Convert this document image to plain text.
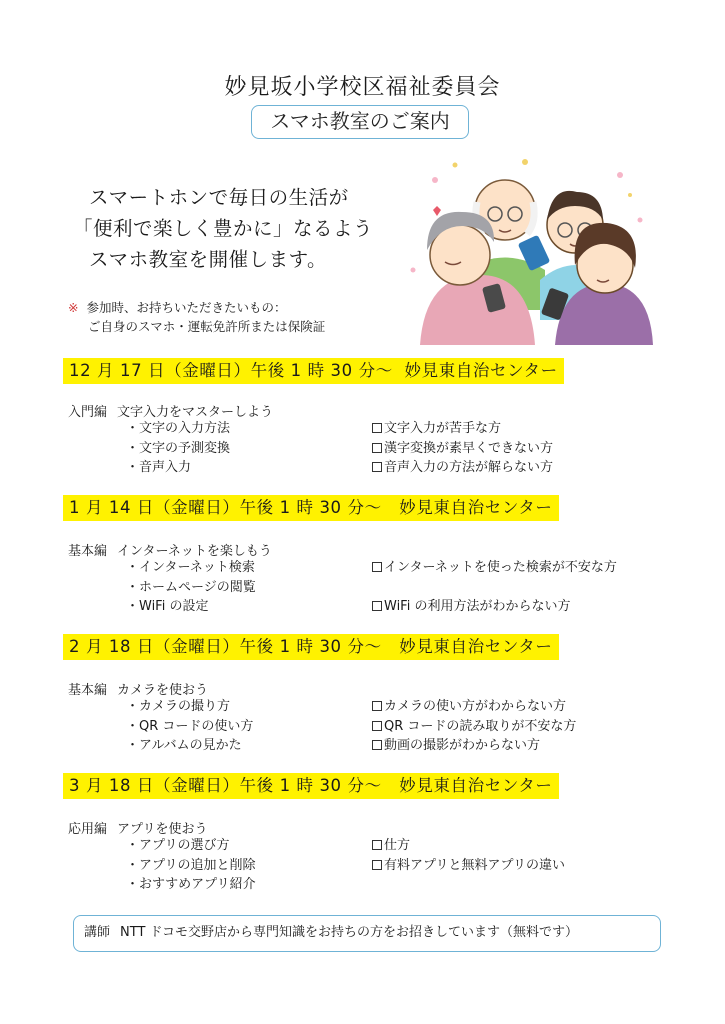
妙見坂小学校区福祉委員会
スマホ教室のご案内
スマートホンで毎日の生活が
「便利で楽しく豊かに」なるよう
スマホ教室を開催します。
※ 参加時、お持ちいただきたいもの：
ご自身のスマホ・運転免許所または保険証
12 月 17 日（金曜日）午後 1 時 30 分～ 妙見東自治センター
入門編 文字入力をマスターしよう
・文字の入力方法
・文字の予測変換
・音声入力
文字入力が苦手な方
漢字変換が素早くできない方
音声入力の方法が解らない方
1 月 14 日（金曜日）午後 1 時 30 分～ 妙見東自治センター
基本編 インターネットを楽しもう
・インターネット検索
・ホームページの閲覧
・WiFi の設定
インターネットを使った検索が不安な方

WiFi の利用方法がわからない方
2 月 18 日（金曜日）午後 1 時 30 分～ 妙見東自治センター
基本編 カメラを使おう
・カメラの撮り方
・QR コードの使い方
・アルバムの見かた
カメラの使い方がわからない方
QR コードの読み取りが不安な方
動画の撮影がわからない方
3 月 18 日（金曜日）午後 1 時 30 分～ 妙見東自治センター
応用編 アプリを使おう
・アプリの選び方
・アプリの追加と削除
・おすすめアプリ紹介
仕方
有料アプリと無料アプリの違い
講師 NTT ドコモ交野店から専門知識をお持ちの方をお招きしています（無料です）
